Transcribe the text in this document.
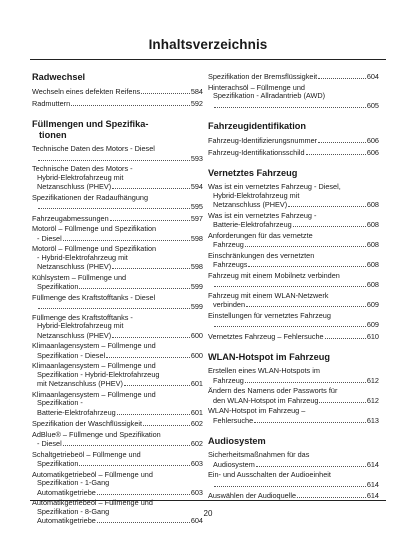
Inhaltsverzeichnis
Radwechsel
Wechseln eines defekten Reifens	584
Radmuttern	592
Füllmengen und Spezifika-

tionen
Technische Daten des Motors - Diesel
593
Technische Daten des Motors -
Hybrid-Elektrofahrzeug mit
Netzanschluss (PHEV)	594
Spezifikationen der Radaufhängung
595
Fahrzeugabmessungen	597
Motoröl – Füllmenge und Spezifikation
- Diesel	598
Motoröl – Füllmenge und Spezifikation
- Hybrid-Elektrofahrzeug mit
Netzanschluss (PHEV)	598
Kühlsystem – Füllmenge und
Spezifikation	599
Füllmenge des Kraftstofftanks - Diesel
599
Füllmenge des Kraftstofftanks -
Hybrid-Elektrofahrzeug mit
Netzanschluss (PHEV)	600
Klimaanlagensystem – Füllmenge und
Spezifikation - Diesel	600
Klimaanlagensystem – Füllmenge und
Spezifikation - Hybrid-Elektrofahrzeug
mit Netzanschluss (PHEV)	601
Klimaanlagensystem – Füllmenge und
Spezifikation -
Batterie-Elektrofahrzeug	601
Spezifikation der Waschflüssigkeit	602
AdBlue® – Füllmenge und Spezifikation
- Diesel	602
Schaltgetriebeöl – Füllmenge und
Spezifikation	603
Automatikgetriebeöl – Füllmenge und
Spezifikation - 1-Gang
Automatikgetriebe	603
Automatikgetriebeöl – Füllmenge und
Spezifikation - 8-Gang
Automatikgetriebe	604
Spezifikation der Bremsflüssigkeit	604
Hinterachsöl – Füllmenge und
Spezifikation - Allradantrieb (AWD)
605
Fahrzeugidentifikation
Fahrzeug-Identifizierungsnummer	606
Fahrzeug-Identifikationsschild	606
Vernetztes Fahrzeug
Was ist ein vernetztes Fahrzeug - Diesel,
Hybrid-Elektrofahrzeug mit
Netzanschluss (PHEV)	608
Was ist ein vernetztes Fahrzeug -
Batterie-Elektrofahrzeug	608
Anforderungen für das vernetzte
Fahrzeug	608
Einschränkungen des vernetzten
Fahrzeugs	608
Fahrzeug mit einem Mobilnetz verbinden
608
Fahrzeug mit einem WLAN-Netzwerk
verbinden	609
Einstellungen für vernetztes Fahrzeug
609
Vernetztes Fahrzeug – Fehlersuche	610
WLAN-Hotspot im Fahrzeug
Erstellen eines WLAN-Hotspots im
Fahrzeug	612
Ändern des Namens oder Passworts für
den WLAN-Hotspot im Fahrzeug	612
WLAN-Hotspot im Fahrzeug –
Fehlersuche	613
Audiosystem
Sicherheitsmaßnahmen für das
Audiosystem	614
Ein- und Ausschalten der Audioeinheit
614
Auswählen der Audioquelle	614
20
